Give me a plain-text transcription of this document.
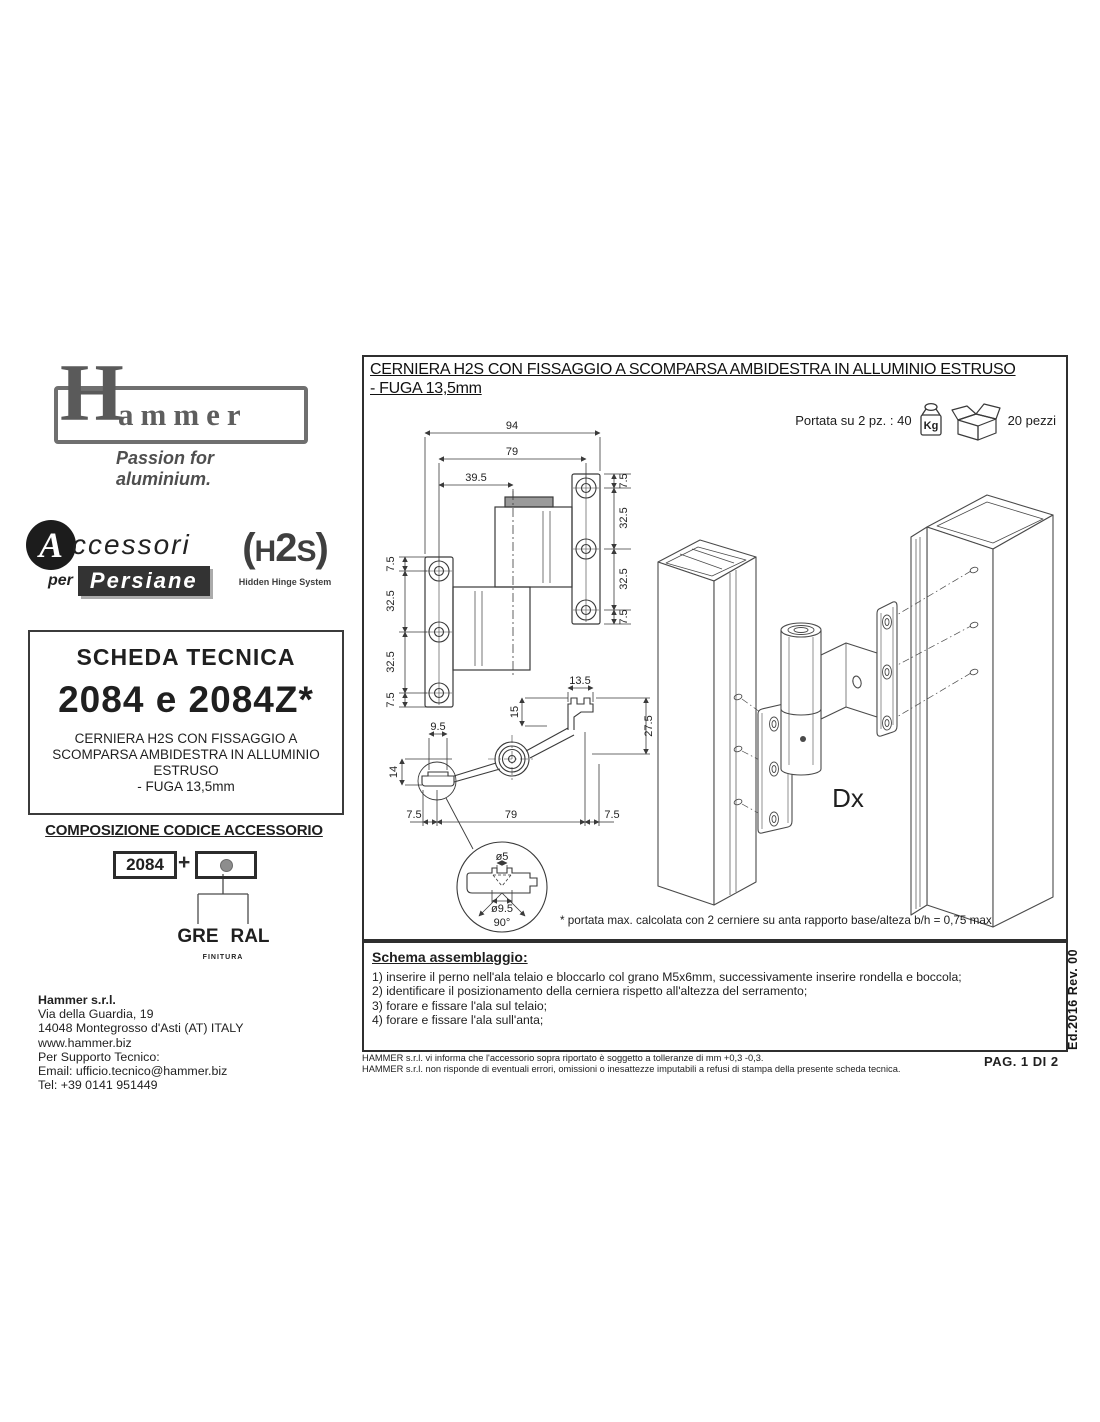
ammer
H
Passion for aluminium.
A ccessori
per Persiane
(H2S)
Hidden Hinge System
SCHEDA TECNICA
2084 e 2084Z*
CERNIERA H2S CON FISSAGGIO A
SCOMPARSA AMBIDESTRA IN ALLUMINIO
ESTRUSO
- FUGA 13,5mm
COMPOSIZIONE CODICE ACCESSORIO
2084 +
GRE RAL
FINITURA
Hammer s.r.l.
Via della Guardia, 19
14048 Montegrosso d'Asti (AT) ITALY
www.hammer.biz
Per Supporto Tecnico:
Email: ufficio.tecnico@hammer.biz
Tel: +39 0141 951449
CERNIERA H2S CON FISSAGGIO A SCOMPARSA AMBIDESTRA IN ALLUMINIO ESTRUSO
- FUGA 13,5mm
Portata su 2 pz. : 40 Kg	20 pezzi
94
79
39.5	7.5
32.5
32.5
7.5
7.5
32.5
32.5
7.5
13.5
15
27.5
9.5
14
7.5	79	7.5
ø5
ø9.5
90°
Dx
* portata max. calcolata con 2 cerniere su anta rapporto base/alteza b/h = 0,75 max
Schema assemblaggio:
1) inserire il perno nell'ala telaio e bloccarlo col grano M5x6mm, successivamente inserire rondella e boccola;
2) identificare il posizionamento della cerniera rispetto all'altezza del serramento;
3) forare e fissare l'ala sul telaio;
4) forare e fissare l'ala sull'anta;	Ed.2016 Rev. 00
HAMMER s.r.l. vi informa che l'accessorio sopra riportato è soggetto a tolleranze di mm +0,3 -0,3.
HAMMER s.r.l. non risponde di eventuali errori, omissioni o inesattezze imputabili a refusi di stampa della presente scheda tecnica.	PAG. 1 DI 2
